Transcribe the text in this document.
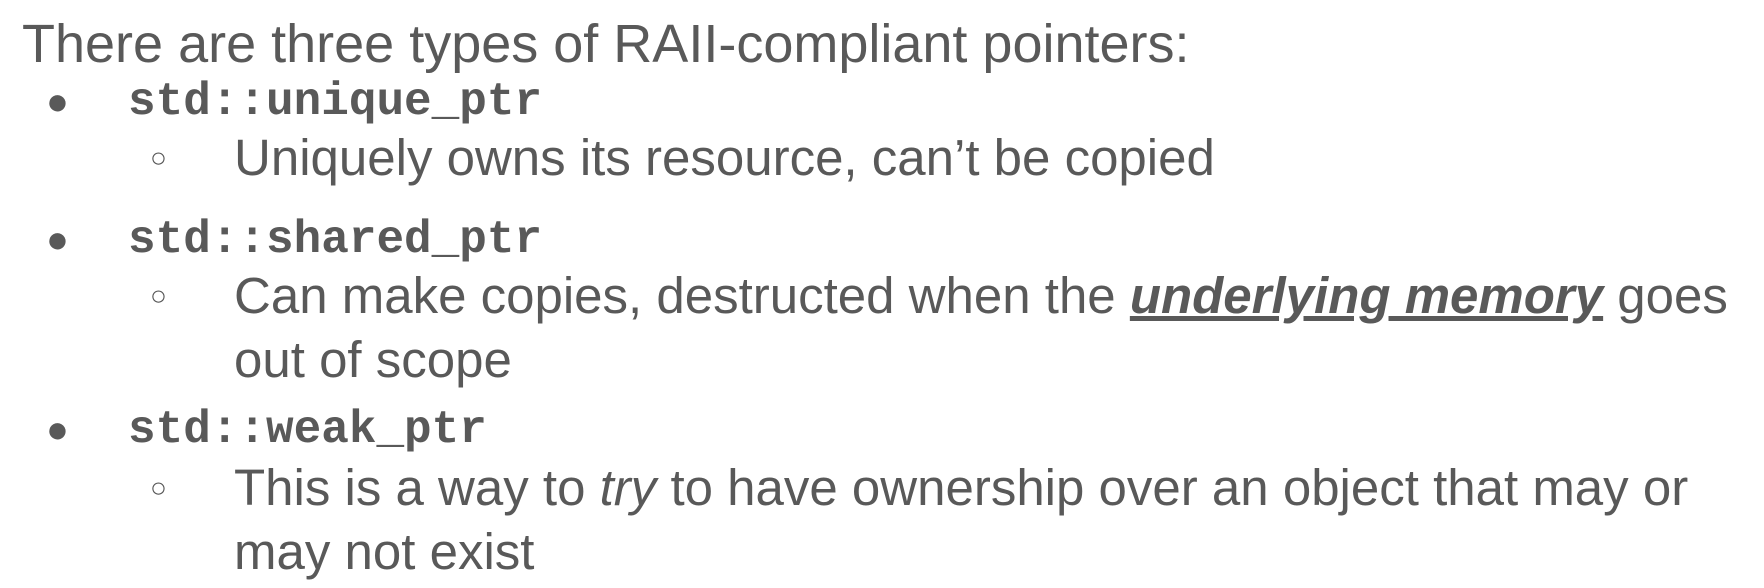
There are three types of RAII-compliant pointers:
● std::unique_ptr
○ Uniquely owns its resource, can’t be copied
● std::shared_ptr
○ Can make copies, destructed when the underlying memory goes out of scope
● std::weak_ptr
○ This is a way to try to have ownership over an object that may or may not exist
